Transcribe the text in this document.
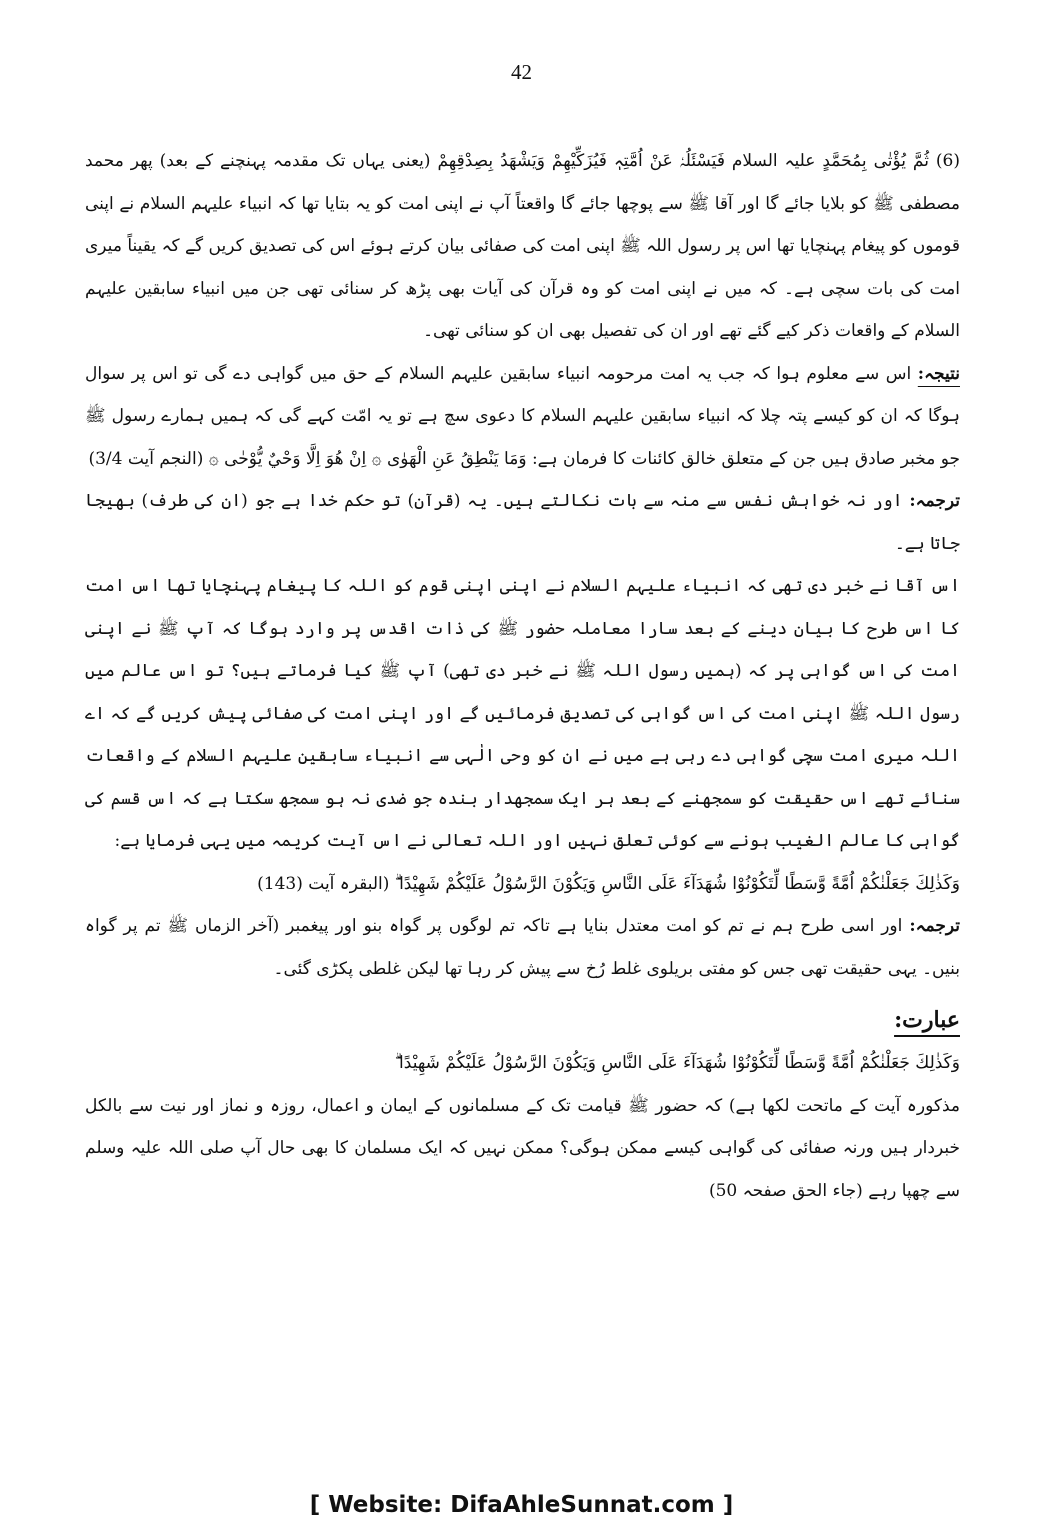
42

(6) ثُمَّ يُؤْتٰى بِمُحَمَّدٍ علیہ السلام فَيَسْئَلُہٗ عَنْ اُمَّتِہٖ فَيُزَكِّيْهِمْ وَيَشْهَدُ بِصِدْقِهِمْ (یعنی یہاں تک مقدمہ پہنچنے کے بعد) پھر محمد مصطفی ﷺ کو بلایا جائے گا اور آقا ﷺ سے پوچھا جائے گا واقعتاً آپ نے اپنی امت کو یہ بتایا تھا کہ انبیاء علیہم السلام نے اپنی قوموں کو پیغام پہنچایا تھا اس پر رسول اللہ ﷺ اپنی امت کی صفائی بیان کرتے ہوئے اس کی تصدیق کریں گے کہ یقیناً میری امت کی بات سچی ہے۔ کہ میں نے اپنی امت کو وہ قرآن کی آیات بھی پڑھ کر سنائی تھی جن میں انبیاء سابقین علیہم السلام کے واقعات ذکر کیے گئے تھے اور ان کی تفصیل بھی ان کو سنائی تھی۔

نتیجہ: اس سے معلوم ہوا کہ جب یہ امت مرحومہ انبیاء سابقین علیہم السلام کے حق میں گواہی دے گی تو اس پر سوال ہوگا کہ ان کو کیسے پتہ چلا کہ انبیاء سابقین علیہم السلام کا دعوی سچ ہے تو یہ امّت کہے گی کہ ہمیں ہمارے رسول ﷺ جو مخبر صادق ہیں جن کے متعلق خالق کائنات کا فرمان ہے: وَمَا يَنْطِقُ عَنِ الْهَوٰى ۞ اِنْ هُوَ اِلَّا وَحْيٌ يُّوْحٰى ۞ (النجم آیت 3/4)

ترجمہ: اور نہ خواہش نفس سے منہ سے بات نکالتے ہیں۔ یہ (قرآن) تو حکم خدا ہے جو (ان کی طرف) بھیجا جاتا ہے۔

اس آقا نے خبر دی تھی کہ انبیاء علیہم السلام نے اپنی اپنی قوم کو اللہ کا پیغام پہنچایا تھا اس امت کا اس طرح کا بیان دینے کے بعد سارا معاملہ حضور ﷺ کی ذات اقدس پر وارد ہوگا کہ آپ ﷺ نے اپنی امت کی اس گواہی پر کہ (ہمیں رسول اللہ ﷺ نے خبر دی تھی) آپ ﷺ کیا فرماتے ہیں؟ تو اس عالم میں رسول اللہ ﷺ اپنی امت کی اس گواہی کی تصدیق فرمائیں گے اور اپنی امت کی صفائی پیش کریں گے کہ اے اللہ میری امت سچی گواہی دے رہی ہے میں نے ان کو وحی الٰہی سے انبیاء سابقین علیہم السلام کے واقعات سنائے تھے اس حقیقت کو سمجھنے کے بعد ہر ایک سمجھدار بندہ جو ضدی نہ ہو سمجھ سکتا ہے کہ اس قسم کی گواہی کا عالم الغیب ہونے سے کوئی تعلق نہیں اور اللہ تعالی نے اس آیت کریمہ میں یہی فرمایا ہے:

وَكَذٰلِكَ جَعَلْنٰكُمْ اُمَّةً وَّسَطًا لِّتَكُوْنُوْا شُهَدَآءَ عَلَى النَّاسِ وَيَكُوْنَ الرَّسُوْلُ عَلَيْكُمْ شَهِيْدًا ۗ (البقرہ آیت (143)

ترجمہ: اور اسی طرح ہم نے تم کو امت معتدل بنایا ہے تاکہ تم لوگوں پر گواہ بنو اور پیغمبر (آخر الزماں ﷺ تم پر گواہ بنیں۔ یہی حقیقت تھی جس کو مفتی بریلوی غلط رُخ سے پیش کر رہا تھا لیکن غلطی پکڑی گئی۔

عبارت:

وَكَذٰلِكَ جَعَلْنٰكُمْ اُمَّةً وَّسَطًا لِّتَكُوْنُوْا شُهَدَآءَ عَلَى النَّاسِ وَيَكُوْنَ الرَّسُوْلُ عَلَيْكُمْ شَهِيْدًا ۗ

مذکورہ آیت کے ماتحت لکھا ہے) کہ حضور ﷺ قیامت تک کے مسلمانوں کے ایمان و اعمال، روزہ و نماز اور نیت سے بالکل خبردار ہیں ورنہ صفائی کی گواہی کیسے ممکن ہوگی؟ ممکن نہیں کہ ایک مسلمان کا بھی حال آپ صلی اللہ علیہ وسلم سے چھپا رہے (جاء الحق صفحہ 50)

[ Website: DifaAhleSunnat.com ]
